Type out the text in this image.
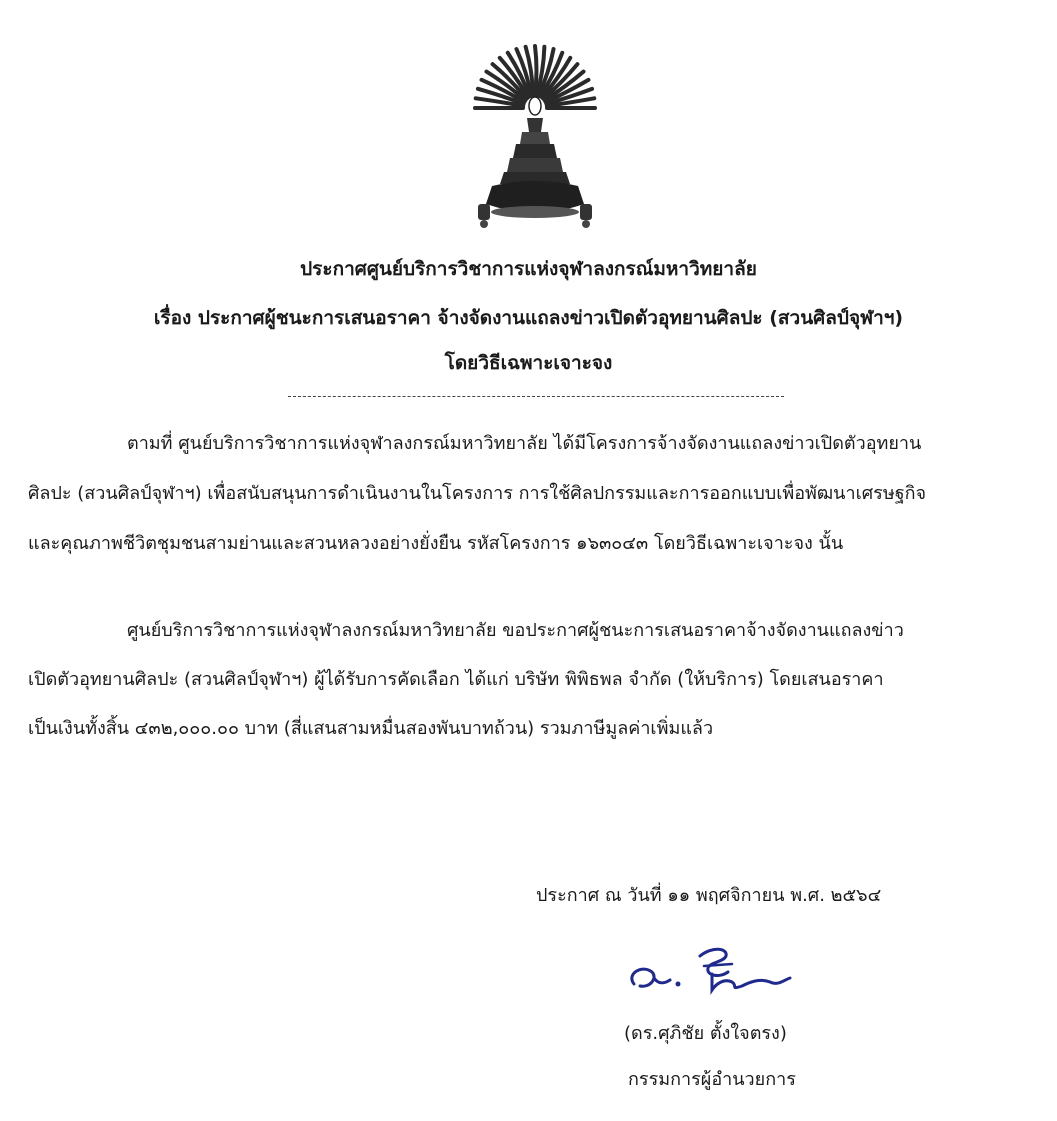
ประกาศศูนย์บริการวิชาการแห่งจุฬาลงกรณ์มหาวิทยาลัย
เรื่อง ประกาศผู้ชนะการเสนอราคา จ้างจัดงานแถลงข่าวเปิดตัวอุทยานศิลปะ (สวนศิลป์จุฬาฯ)
โดยวิธีเฉพาะเจาะจง
ตามที่ ศูนย์บริการวิชาการแห่งจุฬาลงกรณ์มหาวิทยาลัย ได้มีโครงการจ้างจัดงานแถลงข่าวเปิดตัวอุทยาน
ศิลปะ (สวนศิลป์จุฬาฯ) เพื่อสนับสนุนการดำเนินงานในโครงการ การใช้ศิลปกรรมและการออกแบบเพื่อพัฒนาเศรษฐกิจ
และคุณภาพชีวิตชุมชนสามย่านและสวนหลวงอย่างยั่งยืน รหัสโครงการ ๑๖๓๐๔๓ โดยวิธีเฉพาะเจาะจง นั้น
ศูนย์บริการวิชาการแห่งจุฬาลงกรณ์มหาวิทยาลัย ขอประกาศผู้ชนะการเสนอราคาจ้างจัดงานแถลงข่าว
เปิดตัวอุทยานศิลปะ (สวนศิลป์จุฬาฯ) ผู้ได้รับการคัดเลือก ได้แก่ บริษัท พิพิธพล จำกัด (ให้บริการ) โดยเสนอราคา
เป็นเงินทั้งสิ้น ๔๓๒,๐๐๐.๐๐ บาท (สี่แสนสามหมื่นสองพันบาทถ้วน) รวมภาษีมูลค่าเพิ่มแล้ว
ประกาศ ณ วันที่ ๑๑ พฤศจิกายน พ.ศ. ๒๕๖๔
(ดร.ศุภิชัย ตั้งใจตรง)
กรรมการผู้อำนวยการ
